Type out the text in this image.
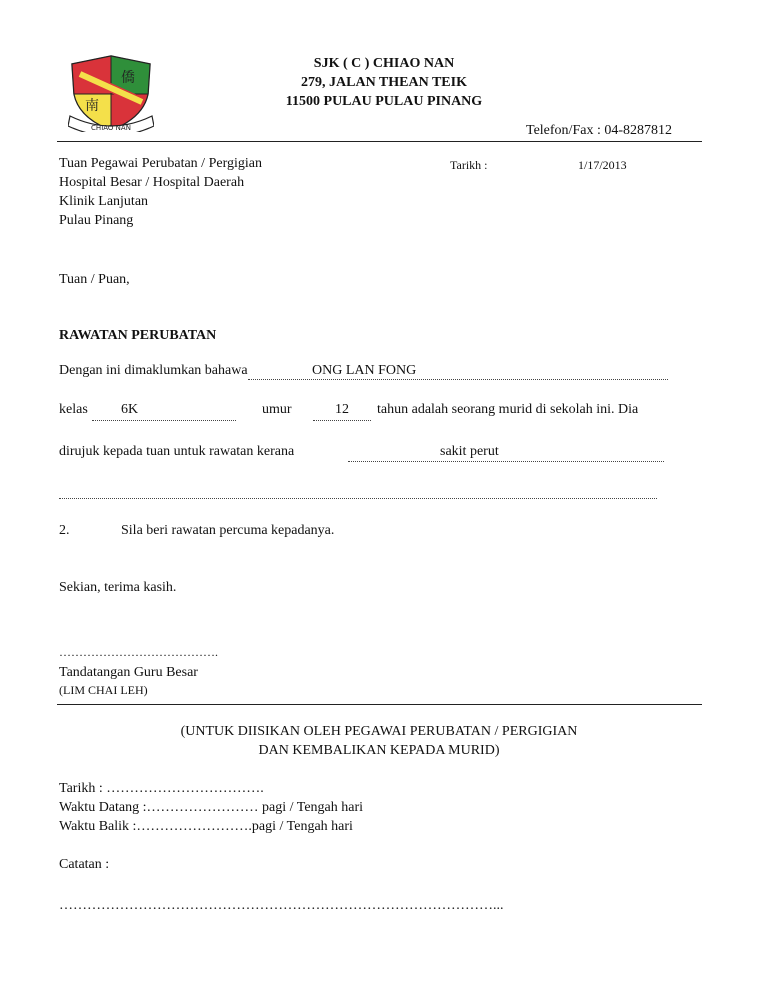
僑
南
CHIAO NAN
SJK ( C ) CHIAO NAN
279, JALAN THEAN TEIK
11500 PULAU PULAU PINANG
Telefon/Fax : 04-8287812
Tuan Pegawai Perubatan / Pergigian
Hospital Besar / Hospital Daerah
Klinik Lanjutan
Pulau Pinang
Tarikh :	1/17/2013
Tuan / Puan,
RAWATAN PERUBATAN
Dengan ini dimaklumkan bahawa	ONG LAN FONG
kelas 6K	umur	12 tahun adalah seorang murid di sekolah ini. Dia
dirujuk kepada tuan untuk rawatan kerana	sakit perut
2.	Sila beri rawatan percuma kepadanya.
Sekian, terima kasih.
………………………………….
Tandatangan Guru Besar
(LIM CHAI LEH)
(UNTUK DIISIKAN OLEH PEGAWAI PERUBATAN / PERGIGIAN
DAN KEMBALIKAN KEPADA MURID)
Tarikh : …………………………….
Waktu Datang :…………………… pagi / Tengah hari
Waktu Balik :…………………….pagi / Tengah hari
Catatan :
…………………………………………………………………………………...
